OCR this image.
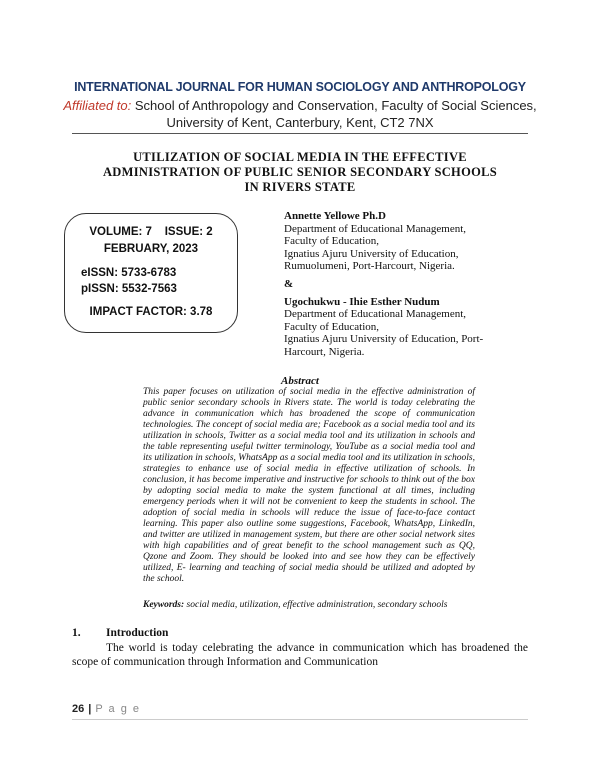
INTERNATIONAL JOURNAL FOR HUMAN SOCIOLOGY AND ANTHROPOLOGY
Affiliated to: School of Anthropology and Conservation, Faculty of Social Sciences, University of Kent, Canterbury, Kent, CT2 7NX
UTILIZATION OF SOCIAL MEDIA IN THE EFFECTIVE
ADMINISTRATION OF PUBLIC SENIOR SECONDARY SCHOOLS
IN RIVERS STATE
VOLUME: 7    ISSUE: 2
FEBRUARY, 2023
eISSN: 5733-6783
pISSN: 5532-7563
IMPACT FACTOR: 3.78
Annette Yellowe Ph.D
Department of Educational Management,
Faculty of Education,
Ignatius Ajuru University of Education,
Rumuolumeni, Port-Harcourt, Nigeria.
&
Ugochukwu - Ihie Esther Nudum
Department of Educational Management,
Faculty of Education,
Ignatius Ajuru University of Education, Port-
Harcourt, Nigeria.
Abstract
This paper focuses on utilization of social media in the effective administration of public senior secondary schools in Rivers state. The world is today celebrating the advance in communication which has broadened the scope of communication technologies. The concept of social media are; Facebook as a social media tool and its utilization in schools, Twitter as a social media tool and its utilization in schools and the table representing useful twitter terminology, YouTube as a social media tool and its utilization in schools, WhatsApp as a social media tool and its utilization in schools, strategies to enhance use of social media in effective utilization of schools. In conclusion, it has become imperative and instructive for schools to think out of the box by adopting social media to make the system functional at all times, including emergency periods when it will not be convenient to keep the students in school. The adoption of social media in schools will reduce the issue of face-to-face contact learning. This paper also outline some suggestions, Facebook, WhatsApp, LinkedIn, and twitter are utilized in management system, but there are other social network sites with high capabilities and of great benefit to the school management such as QQ, Qzone and Zoom. They should be looked into and see how they can be effectively utilized, E- learning and teaching of social media should be utilized and adopted by the school.
Keywords: social media, utilization, effective administration, secondary schools
1. Introduction
The world is today celebrating the advance in communication which has broadened the scope of communication through Information and Communication
26 | P a g e
